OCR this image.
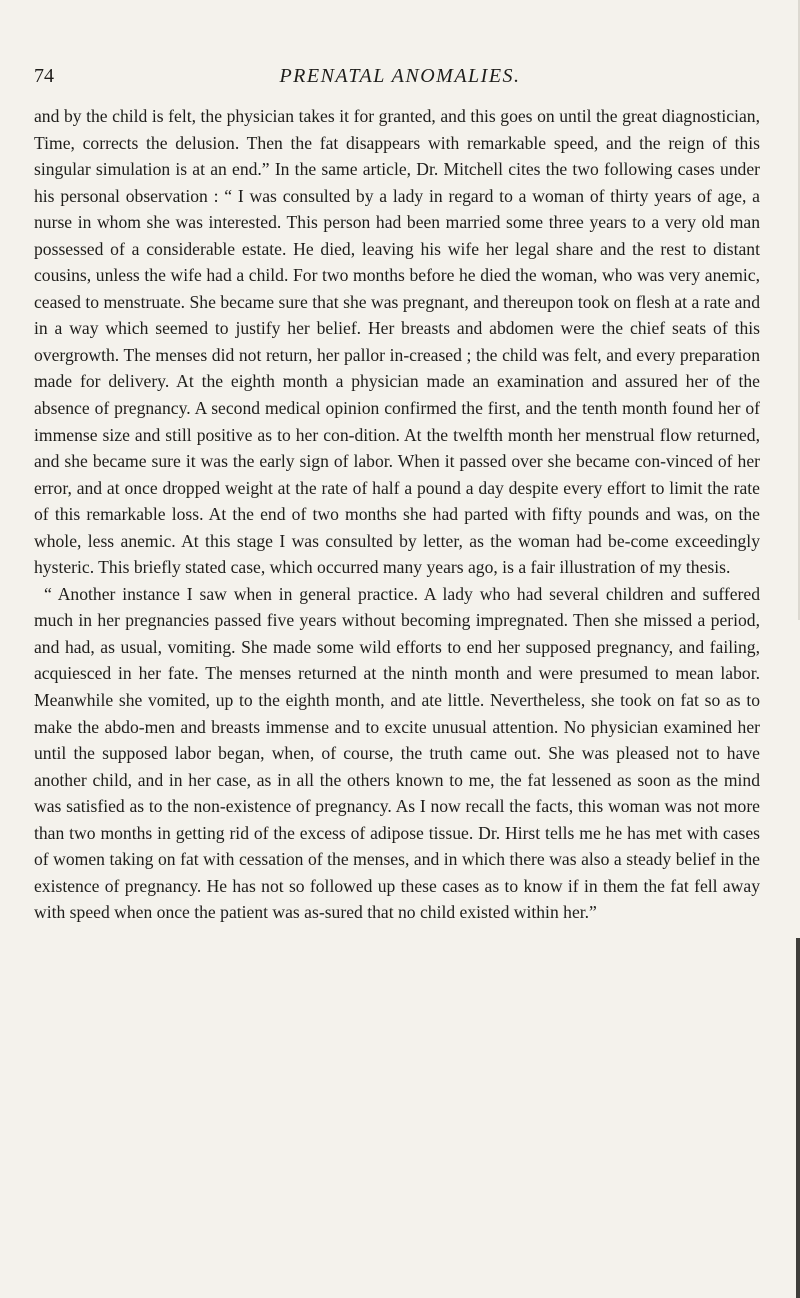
74	PRENATAL ANOMALIES.

and by the child is felt, the physician takes it for granted, and this goes on until the great diagnostician, Time, corrects the delusion. Then the fat disappears with remarkable speed, and the reign of this singular simulation is at an end.” In the same article, Dr. Mitchell cites the two following cases under his personal observation : “ I was consulted by a lady in regard to a woman of thirty years of age, a nurse in whom she was interested. This person had been married some three years to a very old man possessed of a considerable estate. He died, leaving his wife her legal share and the rest to distant cousins, unless the wife had a child. For two months before he died the woman, who was very anemic, ceased to menstruate. She became sure that she was pregnant, and thereupon took on flesh at a rate and in a way which seemed to justify her belief. Her breasts and abdomen were the chief seats of this overgrowth. The menses did not return, her pallor in-creased ; the child was felt, and every preparation made for delivery. At the eighth month a physician made an examination and assured her of the absence of pregnancy. A second medical opinion confirmed the first, and the tenth month found her of immense size and still positive as to her con-dition. At the twelfth month her menstrual flow returned, and she became sure it was the early sign of labor. When it passed over she became con-vinced of her error, and at once dropped weight at the rate of half a pound a day despite every effort to limit the rate of this remarkable loss. At the end of two months she had parted with fifty pounds and was, on the whole, less anemic. At this stage I was consulted by letter, as the woman had be-come exceedingly hysteric. This briefly stated case, which occurred many years ago, is a fair illustration of my thesis.

“ Another instance I saw when in general practice. A lady who had several children and suffered much in her pregnancies passed five years without becoming impregnated. Then she missed a period, and had, as usual, vomiting. She made some wild efforts to end her supposed pregnancy, and failing, acquiesced in her fate. The menses returned at the ninth month and were presumed to mean labor. Meanwhile she vomited, up to the eighth month, and ate little. Nevertheless, she took on fat so as to make the abdo-men and breasts immense and to excite unusual attention. No physician examined her until the supposed labor began, when, of course, the truth came out. She was pleased not to have another child, and in her case, as in all the others known to me, the fat lessened as soon as the mind was satisfied as to the non-existence of pregnancy. As I now recall the facts, this woman was not more than two months in getting rid of the excess of adipose tissue. Dr. Hirst tells me he has met with cases of women taking on fat with cessation of the menses, and in which there was also a steady belief in the existence of pregnancy. He has not so followed up these cases as to know if in them the fat fell away with speed when once the patient was as-sured that no child existed within her.”
